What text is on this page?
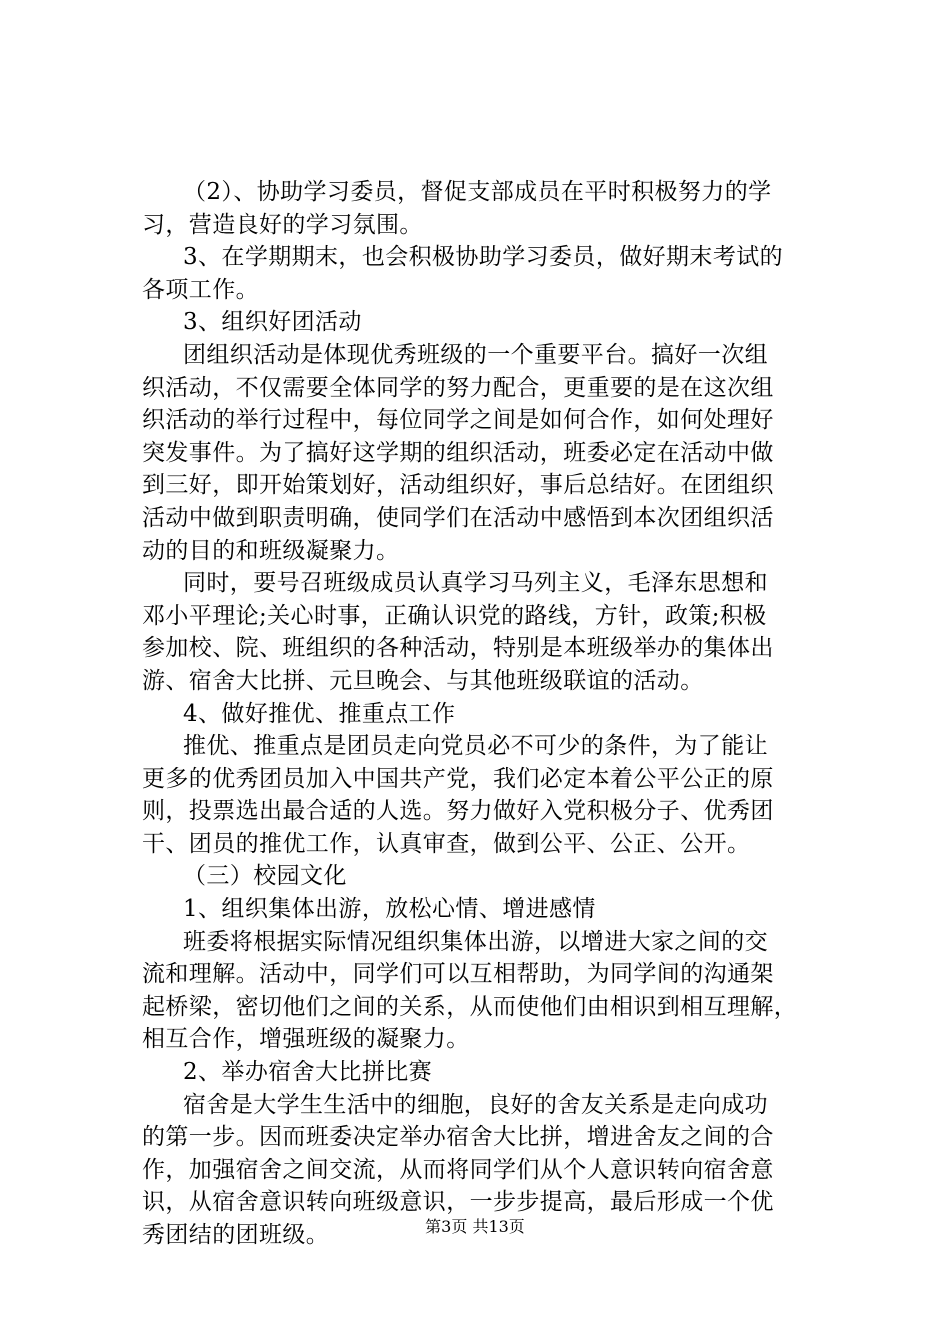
（2）、协助学习委员，督促支部成员在平时积极努力的学
习，营造良好的学习氛围。
3、在学期期末，也会积极协助学习委员，做好期末考试的
各项工作。
3、组织好团活动
团组织活动是体现优秀班级的一个重要平台。搞好一次组
织活动，不仅需要全体同学的努力配合，更重要的是在这次组
织活动的举行过程中，每位同学之间是如何合作，如何处理好
突发事件。为了搞好这学期的组织活动，班委必定在活动中做
到三好，即开始策划好，活动组织好，事后总结好。在团组织
活动中做到职责明确，使同学们在活动中感悟到本次团组织活
动的目的和班级凝聚力。
同时，要号召班级成员认真学习马列主义，毛泽东思想和
邓小平理论;关心时事，正确认识党的路线，方针，政策;积极
参加校、院、班组织的各种活动，特别是本班级举办的集体出
游、宿舍大比拼、元旦晚会、与其他班级联谊的活动。
4、做好推优、推重点工作
推优、推重点是团员走向党员必不可少的条件，为了能让
更多的优秀团员加入中国共产党，我们必定本着公平公正的原
则，投票选出最合适的人选。努力做好入党积极分子、优秀团
干、团员的推优工作，认真审查，做到公平、公正、公开。
（三）校园文化
1、组织集体出游，放松心情、增进感情
班委将根据实际情况组织集体出游，以增进大家之间的交
流和理解。活动中，同学们可以互相帮助，为同学间的沟通架
起桥梁，密切他们之间的关系，从而使他们由相识到相互理解，
相互合作，增强班级的凝聚力。
2、举办宿舍大比拼比赛
宿舍是大学生生活中的细胞，良好的舍友关系是走向成功
的第一步。因而班委决定举办宿舍大比拼，增进舍友之间的合
作，加强宿舍之间交流，从而将同学们从个人意识转向宿舍意
识，从宿舍意识转向班级意识，一步步提高，最后形成一个优
秀团结的团班级。	第3页 共13页
